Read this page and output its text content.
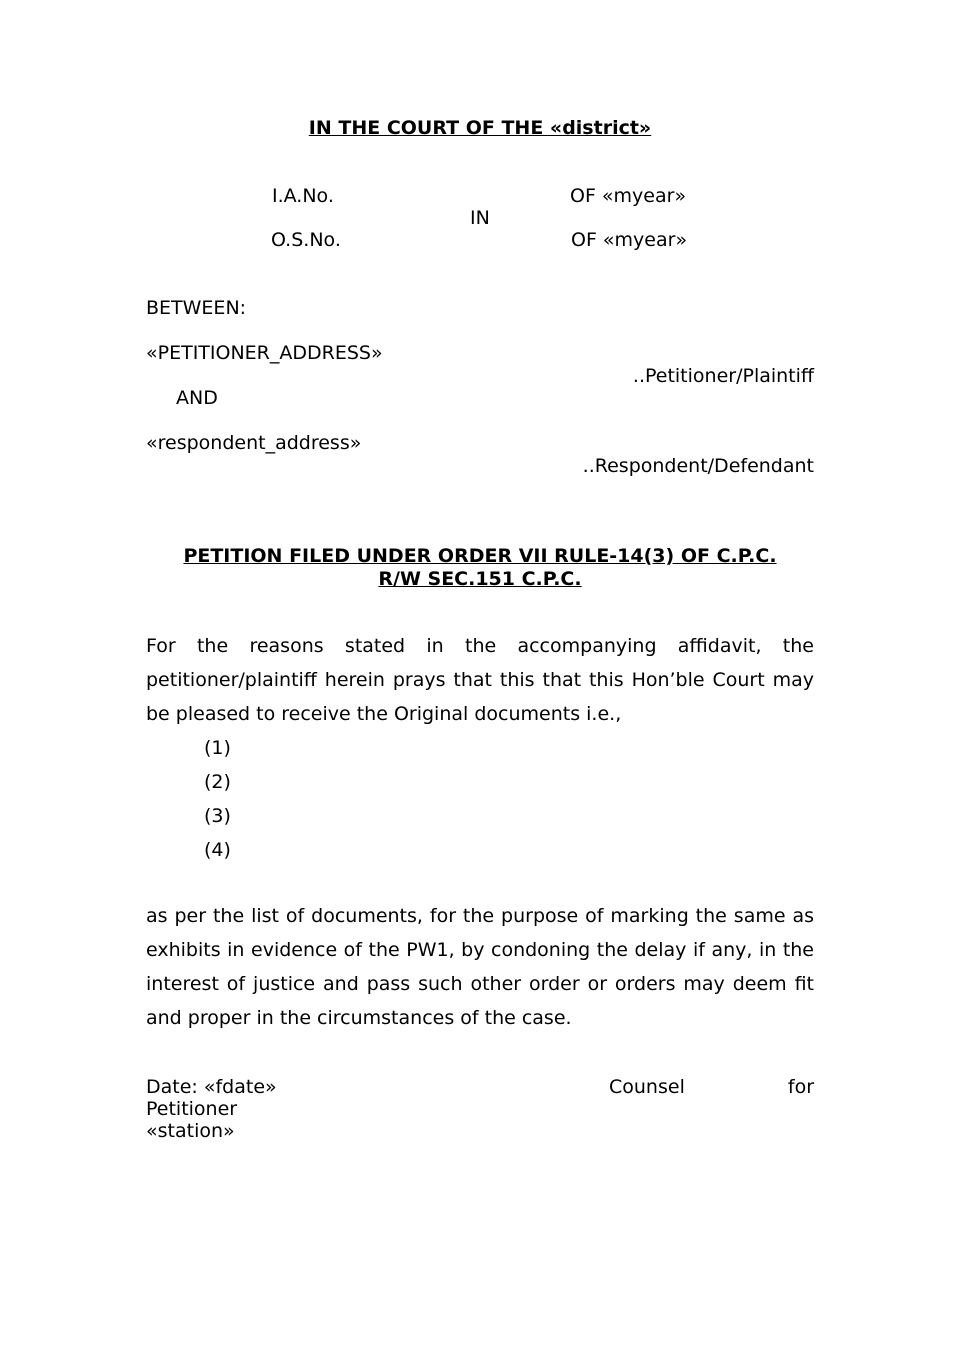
IN THE COURT OF THE «district»
I.A.No.	OF «myear»
IN
O.S.No.	OF «myear»
BETWEEN:
«PETITIONER_ADDRESS»
..Petitioner/Plaintiff
AND
«respondent_address»
..Respondent/Defendant
PETITION FILED UNDER ORDER VII RULE-14(3) OF C.P.C.
R/W SEC.151 C.P.C.
For the reasons stated in the accompanying affidavit, the petitioner/plaintiff herein prays that this that this Hon’ble Court may be pleased to receive the Original documents i.e.,
(1)
(2)
(3)
(4)
as per the list of documents, for the purpose of marking the same as exhibits in evidence of the PW1, by condoning the delay if any, in the interest of justice and pass such other order or orders may deem fit and proper in the circumstances of the case.
Date: «fdate»	Counsel	for
Petitioner
«station»
